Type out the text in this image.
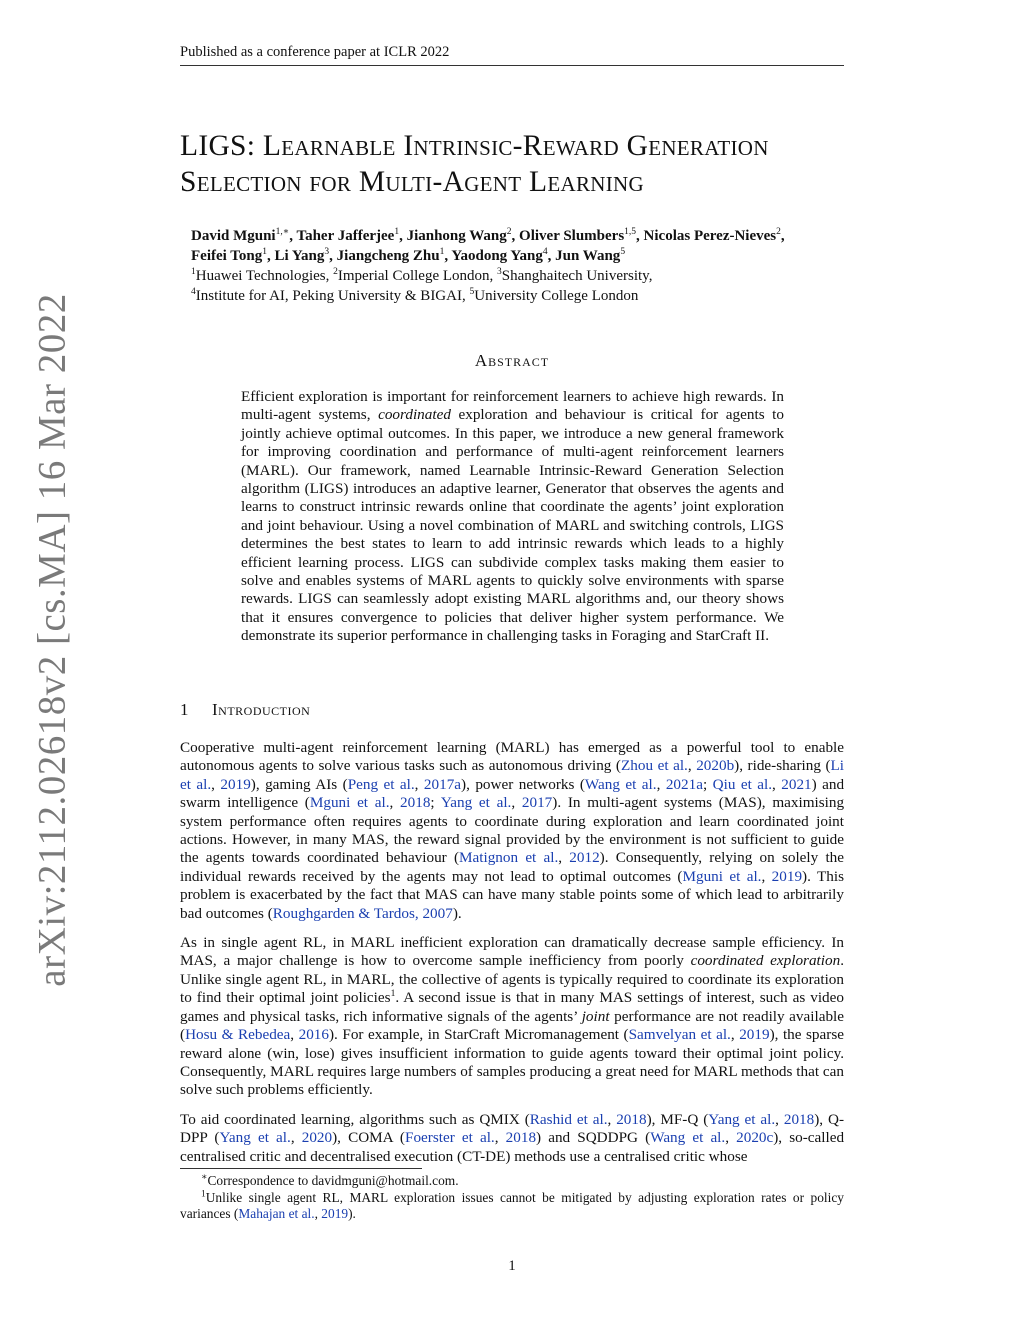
Published as a conference paper at ICLR 2022
arXiv:2112.02618v2 [cs.MA] 16 Mar 2022
LIGS: Learnable Intrinsic-Reward Generation
Selection for Multi-Agent Learning
David Mguni$^{1,∗}$, Taher Jafferjee$^1$, Jianhong Wang$^2$, Oliver Slumbers$^{1,5}$, Nicolas Perez-Nieves$^2$,
Feifei Tong$^1$, Li Yang$^3$, Jiangcheng Zhu$^1$, Yaodong Yang$^4$, Jun Wang$^5$
$^1$Huawei Technologies, $^2$Imperial College London, $^3$Shanghaitech University,
$^4$Institute for AI, Peking University & BIGAI, $^5$University College London
Abstract
Efficient exploration is important for reinforcement learners to achieve high rewards. In multi-agent systems, coordinated exploration and behaviour is critical for agents to jointly achieve optimal outcomes. In this paper, we introduce a new general framework for improving coordination and performance of multi-agent reinforcement learners (MARL). Our framework, named Learnable Intrinsic-Reward Generation Selection algorithm (LIGS) introduces an adaptive learner, Generator that observes the agents and learns to construct intrinsic rewards online that coordinate the agents’ joint exploration and joint behaviour. Using a novel combination of MARL and switching controls, LIGS determines the best states to learn to add intrinsic rewards which leads to a highly efficient learning process. LIGS can subdivide complex tasks making them easier to solve and enables systems of MARL agents to quickly solve environments with sparse rewards. LIGS can seamlessly adopt existing MARL algorithms and, our theory shows that it ensures convergence to policies that deliver higher system performance. We demonstrate its superior performance in challenging tasks in Foraging and StarCraft II.
1 Introduction

Cooperative multi-agent reinforcement learning (MARL) has emerged as a powerful tool to enable autonomous agents to solve various tasks such as autonomous driving (Zhou et al., 2020b), ride-sharing (Li et al., 2019), gaming AIs (Peng et al., 2017a), power networks (Wang et al., 2021a; Qiu et al., 2021) and swarm intelligence (Mguni et al., 2018; Yang et al., 2017). In multi-agent systems (MAS), maximising system performance often requires agents to coordinate during exploration and learn coordinated joint actions. However, in many MAS, the reward signal provided by the environment is not sufficient to guide the agents towards coordinated behaviour (Matignon et al., 2012). Consequently, relying on solely the individual rewards received by the agents may not lead to optimal outcomes (Mguni et al., 2019). This problem is exacerbated by the fact that MAS can have many stable points some of which lead to arbitrarily bad outcomes (Roughgarden & Tardos, 2007).

As in single agent RL, in MARL inefficient exploration can dramatically decrease sample efficiency. In MAS, a major challenge is how to overcome sample inefficiency from poorly coordinated exploration. Unlike single agent RL, in MARL, the collective of agents is typically required to coordinate its exploration to find their optimal joint policies$^1$. A second issue is that in many MAS settings of interest, such as video games and physical tasks, rich informative signals of the agents’ joint performance are not readily available (Hosu & Rebedea, 2016). For example, in StarCraft Micromanagement (Samvelyan et al., 2019), the sparse reward alone (win, lose) gives insufficient information to guide agents toward their optimal joint policy. Consequently, MARL requires large numbers of samples producing a great need for MARL methods that can solve such problems efficiently.

To aid coordinated learning, algorithms such as QMIX (Rashid et al., 2018), MF-Q (Yang et al., 2018), Q-DPP (Yang et al., 2020), COMA (Foerster et al., 2018) and SQDDPG (Wang et al., 2020c), so-called centralised critic and decentralised execution (CT-DE) methods use a centralised critic whose

∗Correspondence to davidmguni@hotmail.com.

$^1$Unlike single agent RL, MARL exploration issues cannot be mitigated by adjusting exploration rates or policy variances (Mahajan et al., 2019).

1
